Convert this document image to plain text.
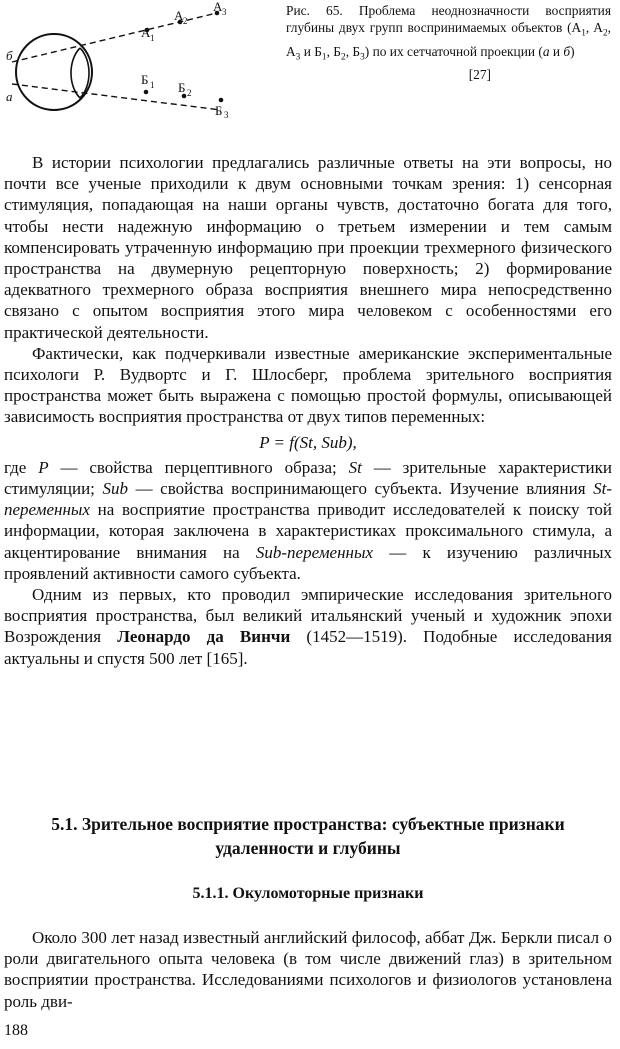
б
а
A 1
A 2
A 3
Б 1 Б 2
Б 3
Рис. 65. Проблема неоднозначности восприятия глубины двух групп воспринимаемых объектов ($A_1$, $A_2$, $A_3$ и $Б_1$, $Б_2$, $Б_3$) по их сетчаточной проекции (а и б)
[27]

В истории психологии предлагались различные ответы на эти вопросы, но почти все ученые приходили к двум основными точкам зрения: 1) сенсорная стимуляция, попадающая на наши органы чувств, достаточно богата для того, чтобы нести надежную информацию о третьем измерении и тем самым компенсировать утраченную информацию при проекции трехмерного физического пространства на двумерную рецепторную поверхность; 2) формирование адекватного трехмерного образа восприятия внешнего мира непосредственно связано с опытом восприятия этого мира человеком с особенностями его практической деятельности.

Фактически, как подчеркивали известные американские экспериментальные психологи Р. Вудвортс и Г. Шлосберг, проблема зрительного восприятия пространства может быть выражена с помощью простой формулы, описывающей зависимость восприятия пространства от двух типов переменных:

P = f(St, Sub),

где P — свойства перцептивного образа; St — зрительные характеристики стимуляции; Sub — свойства воспринимающего субъекта. Изучение влияния St-переменных на восприятие пространства приводит исследователей к поиску той информации, которая заключена в характеристиках проксимального стимула, а акцентирование внимания на Sub-переменных — к изучению различных проявлений активности самого субъекта.

Одним из первых, кто проводил эмпирические исследования зрительного восприятия пространства, был великий итальянский ученый и художник эпохи Возрождения Леонардо да Винчи (1452—1519). Подобные исследования актуальны и спустя 500 лет [165].

5.1. Зрительное восприятие пространства: субъектные признаки удаленности и глубины
5.1.1. Окуломоторные признаки

Около 300 лет назад известный английский философ, аббат Дж. Беркли писал о роли двигательного опыта человека (в том числе движений глаз) в зрительном восприятии пространства. Исследованиями психологов и физиологов установлена роль дви-

188
